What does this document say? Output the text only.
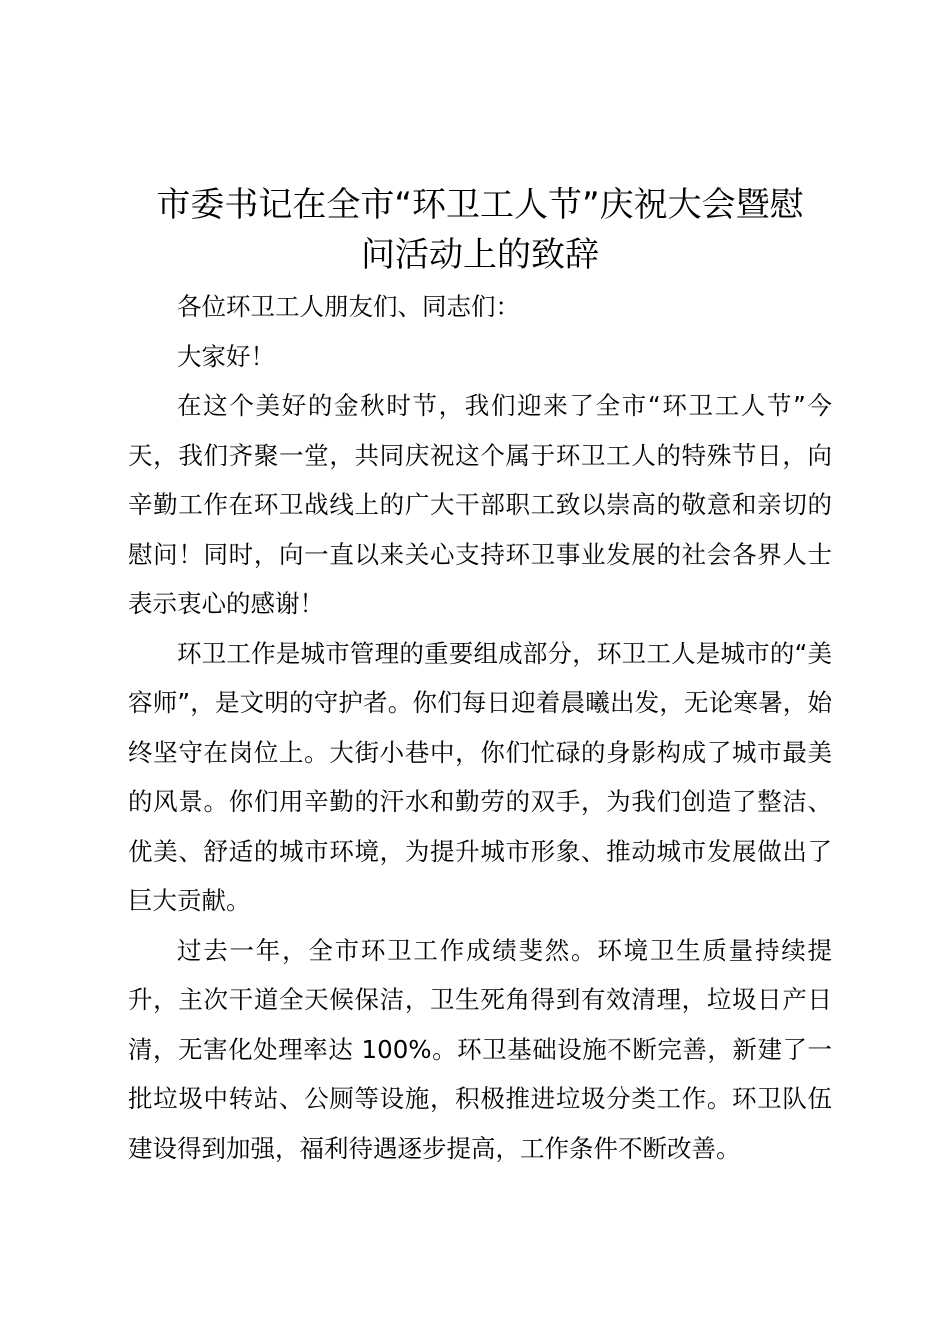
市委书记在全市“环卫工人节”庆祝大会暨慰
问活动上的致辞

各位环卫工人朋友们、同志们：

大家好！

在这个美好的金秋时节，我们迎来了全市“环卫工人节”今天，我们齐聚一堂，共同庆祝这个属于环卫工人的特殊节日，向辛勤工作在环卫战线上的广大干部职工致以崇高的敬意和亲切的慰问！同时，向一直以来关心支持环卫事业发展的社会各界人士表示衷心的感谢！

环卫工作是城市管理的重要组成部分，环卫工人是城市的“美容师”，是文明的守护者。你们每日迎着晨曦出发，无论寒暑，始终坚守在岗位上。大街小巷中，你们忙碌的身影构成了城市最美的风景。你们用辛勤的汗水和勤劳的双手，为我们创造了整洁、优美、舒适的城市环境，为提升城市形象、推动城市发展做出了巨大贡献。

过去一年，全市环卫工作成绩斐然。环境卫生质量持续提升，主次干道全天候保洁，卫生死角得到有效清理，垃圾日产日清，无害化处理率达 100%。环卫基础设施不断完善，新建了一批垃圾中转站、公厕等设施，积极推进垃圾分类工作。环卫队伍建设得到加强，福利待遇逐步提高，工作条件不断改善。
